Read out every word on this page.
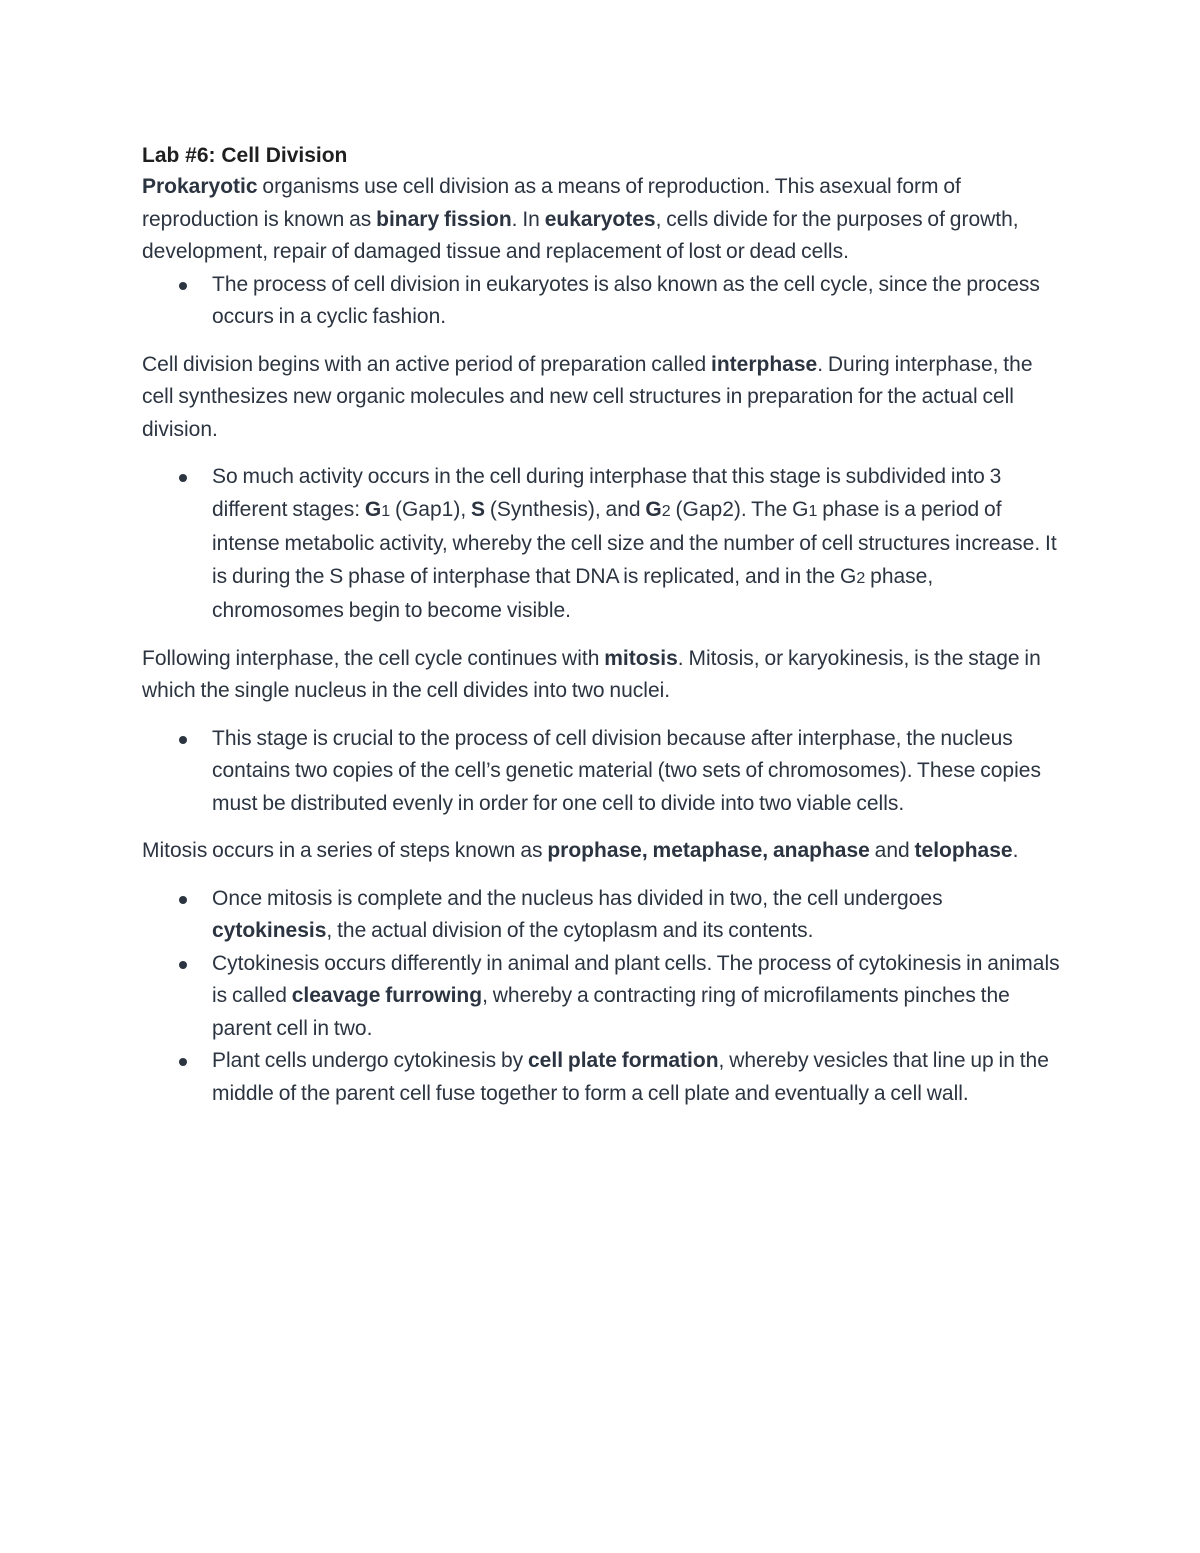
Lab #6: Cell Division

Prokaryotic organisms use cell division as a means of reproduction. This asexual form of reproduction is known as binary fission. In eukaryotes, cells divide for the purposes of growth, development, repair of damaged tissue and replacement of lost or dead cells.

The process of cell division in eukaryotes is also known as the cell cycle, since the process occurs in a cyclic fashion.

Cell division begins with an active period of preparation called interphase. During interphase, the cell synthesizes new organic molecules and new cell structures in preparation for the actual cell division.

So much activity occurs in the cell during interphase that this stage is subdivided into 3 different stages: G1 (Gap1), S (Synthesis), and G2 (Gap2). The G1 phase is a period of intense metabolic activity, whereby the cell size and the number of cell structures increase. It is during the S phase of interphase that DNA is replicated, and in the G2 phase, chromosomes begin to become visible.

Following interphase, the cell cycle continues with mitosis. Mitosis, or karyokinesis, is the stage in which the single nucleus in the cell divides into two nuclei.

This stage is crucial to the process of cell division because after interphase, the nucleus contains two copies of the cell’s genetic material (two sets of chromosomes). These copies must be distributed evenly in order for one cell to divide into two viable cells.

Mitosis occurs in a series of steps known as prophase, metaphase, anaphase and telophase.

Once mitosis is complete and the nucleus has divided in two, the cell undergoes cytokinesis, the actual division of the cytoplasm and its contents.
Cytokinesis occurs differently in animal and plant cells. The process of cytokinesis in animals is called cleavage furrowing, whereby a contracting ring of microfilaments pinches the parent cell in two.
Plant cells undergo cytokinesis by cell plate formation, whereby vesicles that line up in the middle of the parent cell fuse together to form a cell plate and eventually a cell wall.
